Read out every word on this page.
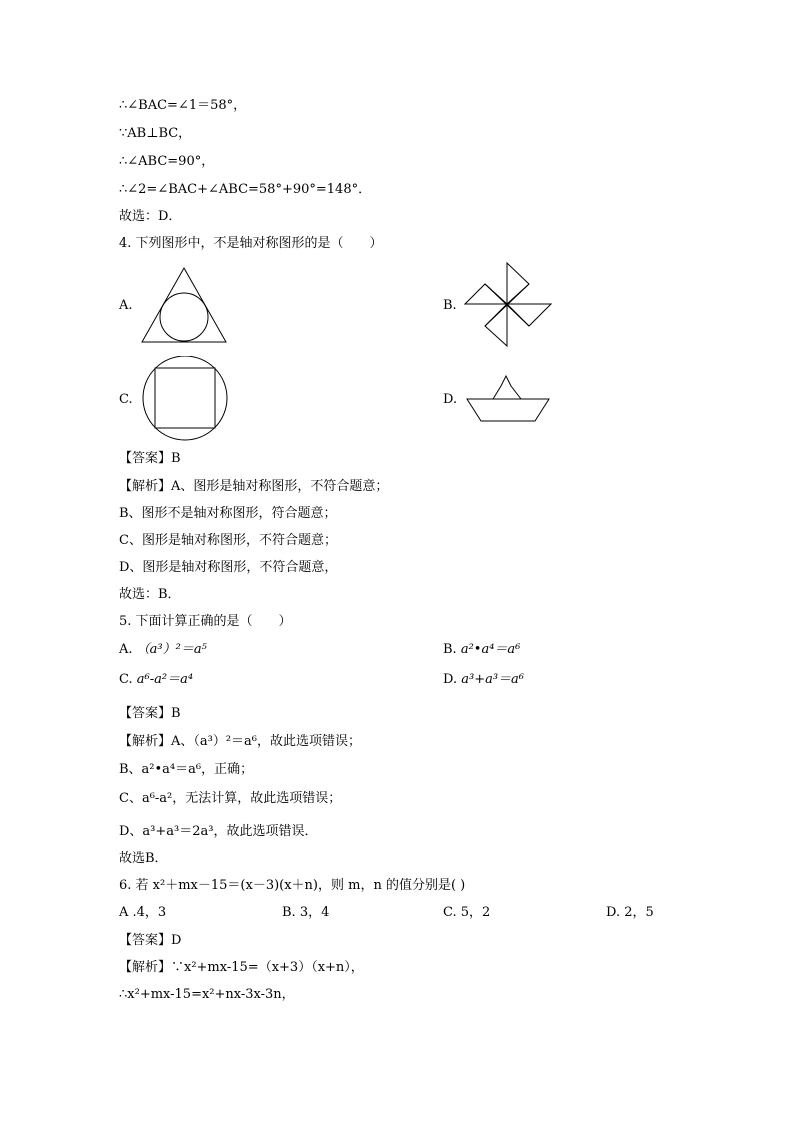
∴∠BAC=∠1＝58°，
∵AB⊥BC，
∴∠ABC=90°，
∴∠2=∠BAC+∠ABC=58°+90°=148°．
故选：D．
4. 下列图形中，不是轴对称图形的是（　　）
A.	B.
C.	D.
【答案】B
【解析】A、图形是轴对称图形，不符合题意；
B、图形不是轴对称图形，符合题意；
C、图形是轴对称图形，不符合题意；
D、图形是轴对称图形，不符合题意，
故选：B．
5. 下面计算正确的是（　　）
A. （a³）²＝a⁵	B. a²•a⁴＝a⁶
C. a⁶-a²＝a⁴	D. a³+a³＝a⁶
【答案】B
【解析】A、（a³）²＝a⁶，故此选项错误；
B、a²•a⁴＝a⁶，正确；
C、a⁶-a²，无法计算，故此选项错误；
D、a³+a³＝2a³，故此选项错误．
故选B．
6. 若 x²＋mx－15＝(x－3)(x＋n)，则 m，n 的值分别是( )
A .4，3	B. 3，4	C. 5，2	D. 2，5
【答案】D
【解析】∵x²+mx-15=（x+3）（x+n），
∴x²+mx-15=x²+nx-3x-3n，
